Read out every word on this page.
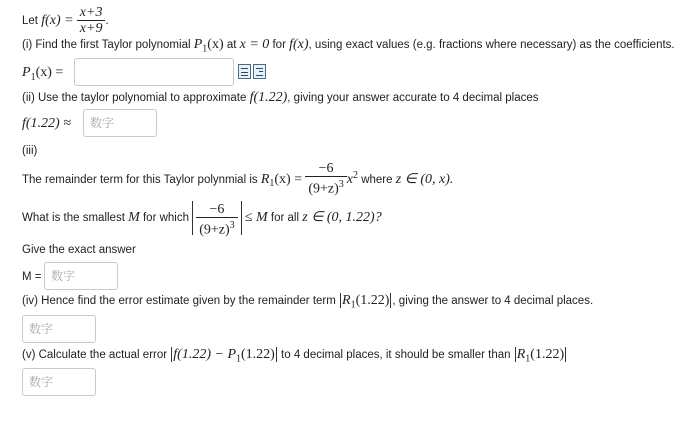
Let $f(x) = \frac{x+3}{x+9}$ .
(i) Find the first Taylor polynomial $P_1(x)$ at x = 0 for f(x), using exact values (e.g. fractions where necessary) as the coefficients.
$P_1(x)$ =
(ii) Use the taylor polynomial to approximate f(1.22), giving your answer accurate to 4 decimal places
f(1.22) ≈
数字
(iii)
The remainder term for this Taylor polynmial is $R_1(x) = \frac{-6}{(9+z)^3} x^2$ where z ∈ (0, x).
What is the smallest M for which $\frac{-6}{(9+z)^3} \le M$ for all z ∈ (0, 1.22)?
Give the exact answer
M =
数字
(iv) Hence find the error estimate given by the remainder term $R_1(1.22)$ , giving the answer to 4 decimal places.
数字
(v) Calculate the actual error $f(1.22) - P_1(1.22)$ to 4 decimal places, it should be smaller than $R_1(1.22)$
数字
